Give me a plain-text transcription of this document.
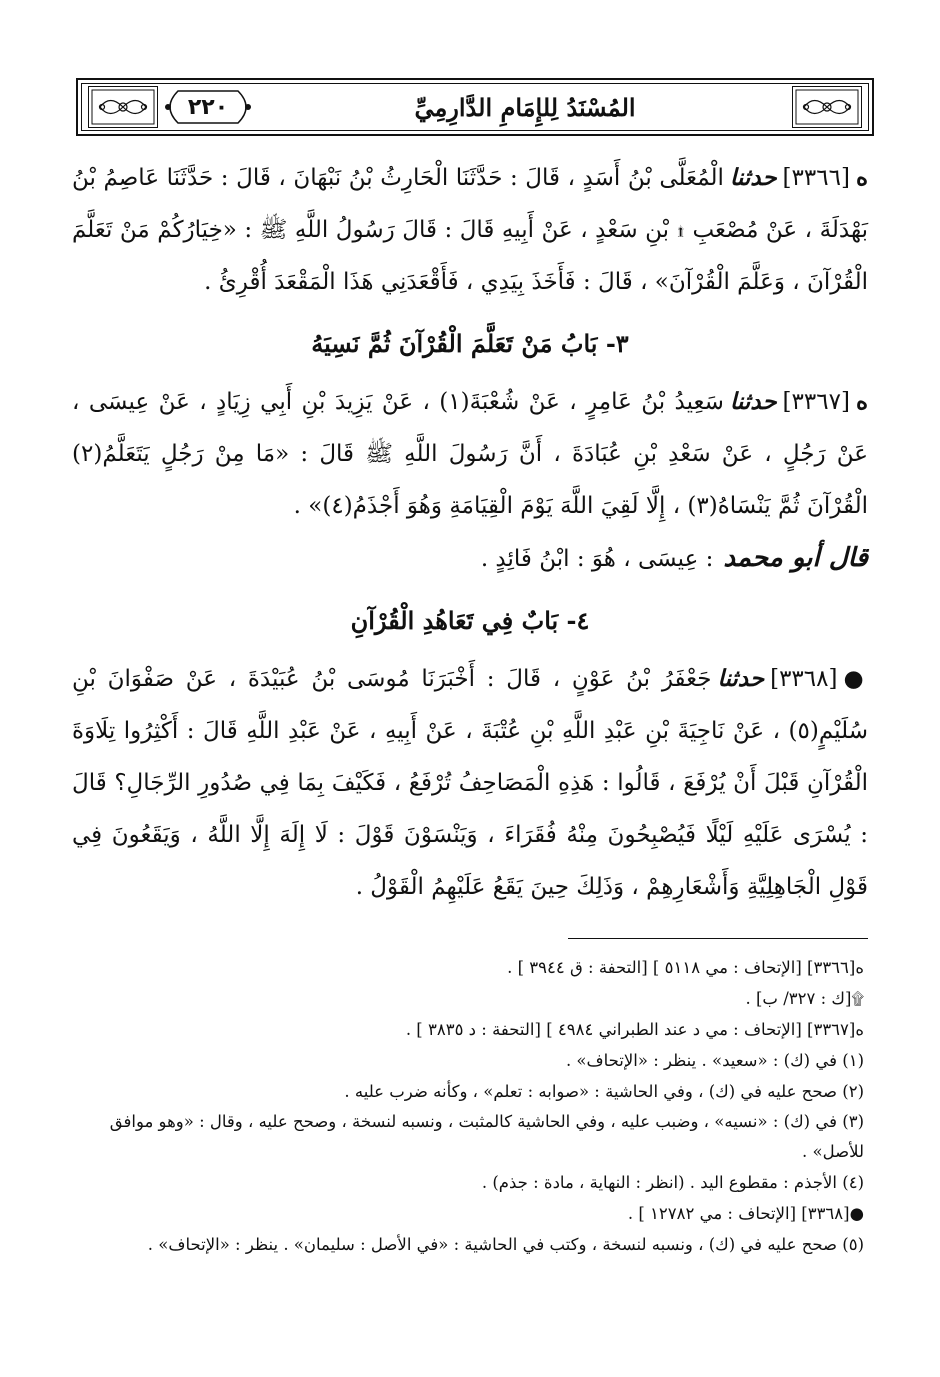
٢٢٠	المُسْنَدُ لِلإِمَامِ الدَّارِمِيِّ

ه[٣٣٦٦]حدثناالْمُعَلَّى بْنُ أَسَدٍ ، قَالَ : حَدَّثَنَا الْحَارِثُ بْنُ نَبْهَانَ ، قَالَ : حَدَّثَنَا عَاصِمُ بْنُ بَهْدَلَةَ ، عَنْ مُصْعَبِ ۩ بْنِ سَعْدٍ ، عَنْ أَبِيهِ قَالَ : قَالَ رَسُولُ اللَّهِ ﷺ : «خِيَارُكُمْ مَنْ تَعَلَّمَ الْقُرْآنَ ، وَعَلَّمَ الْقُرْآنَ» ، قَالَ : فَأَخَذَ بِيَدِي ، فَأَقْعَدَنِي هَذَا الْمَقْعَدَ أُقْرِئُ .

٣- بَابُ مَنْ تَعَلَّمَ الْقُرْآنَ ثُمَّ نَسِيَهُ

ه[٣٣٦٧]حدثناسَعِيدُ بْنُ عَامِرٍ ، عَنْ شُعْبَةَ(١) ، عَنْ يَزِيدَ بْنِ أَبِي زِيَادٍ ، عَنْ عِيسَى ، عَنْ رَجُلٍ ، عَنْ سَعْدِ بْنِ عُبَادَةَ ، أَنَّ رَسُولَ اللَّهِ ﷺ قَالَ : «مَا مِنْ رَجُلٍ يَتَعَلَّمُ(٢) الْقُرْآنَ ثُمَّ يَنْسَاهُ(٣) ، إِلَّا لَقِيَ اللَّهَ يَوْمَ الْقِيَامَةِ وَهُوَ أَجْذَمُ(٤)» .

قال أبو محمد: عِيسَى ، هُوَ : ابْنُ فَائِدٍ .

٤- بَابٌ فِي تَعَاهُدِ الْقُرْآنِ

●[٣٣٦٨]حدثناجَعْفَرُ بْنُ عَوْنٍ ، قَالَ : أَخْبَرَنَا مُوسَى بْنُ عُبَيْدَةَ ، عَنْ صَفْوَانَ بْنِ سُلَيْمٍ(٥) ، عَنْ نَاجِيَةَ بْنِ عَبْدِ اللَّهِ بْنِ عُتْبَةَ ، عَنْ أَبِيهِ ، عَنْ عَبْدِ اللَّهِ قَالَ : أَكْثِرُوا تِلَاوَةَ الْقُرْآنِ قَبْلَ أَنْ يُرْفَعَ ، قَالُوا : هَذِهِ الْمَصَاحِفُ تُرْفَعُ ، فَكَيْفَ بِمَا فِي صُدُورِ الرِّجَالِ؟ قَالَ : يُسْرَى عَلَيْهِ لَيْلًا فَيُصْبِحُونَ مِنْهُ فُقَرَاءَ ، وَيَنْسَوْنَ قَوْلَ : لَا إِلَهَ إِلَّا اللَّهُ ، وَيَقَعُونَ فِي قَوْلِ الْجَاهِلِيَّةِ وَأَشْعَارِهِمْ ، وَذَلِكَ حِينَ يَقَعُ عَلَيْهِمُ الْقَوْلُ .

ه[٣٣٦٦] [الإتحاف : مي ٥١١٨ ] [التحفة : ق ٣٩٤٤ ] .

۩[ك : ٣٢٧/ ب] .

ه[٣٣٦٧] [الإتحاف : مي د عند الطبراني ٤٩٨٤ ] [التحفة : د ٣٨٣٥ ] .

(١) في (ك) : «سعيد» . ينظر : «الإتحاف» .

(٢) صحح عليه في (ك) ، وفي الحاشية : «صوابه : تعلم» ، وكأنه ضرب عليه .

(٣) في (ك) : «نسيه» ، وضبب عليه ، وفي الحاشية كالمثبت ، ونسبه لنسخة ، وصحح عليه ، وقال : «وهو موافق للأصل» .

(٤) الأجذم : مقطوع اليد . (انظر : النهاية ، مادة : جذم) .

●[٣٣٦٨] [الإتحاف : مي ١٢٧٨٢ ] .

(٥) صحح عليه في (ك) ، ونسبه لنسخة ، وكتب في الحاشية : «في الأصل : سليمان» . ينظر : «الإتحاف» .
